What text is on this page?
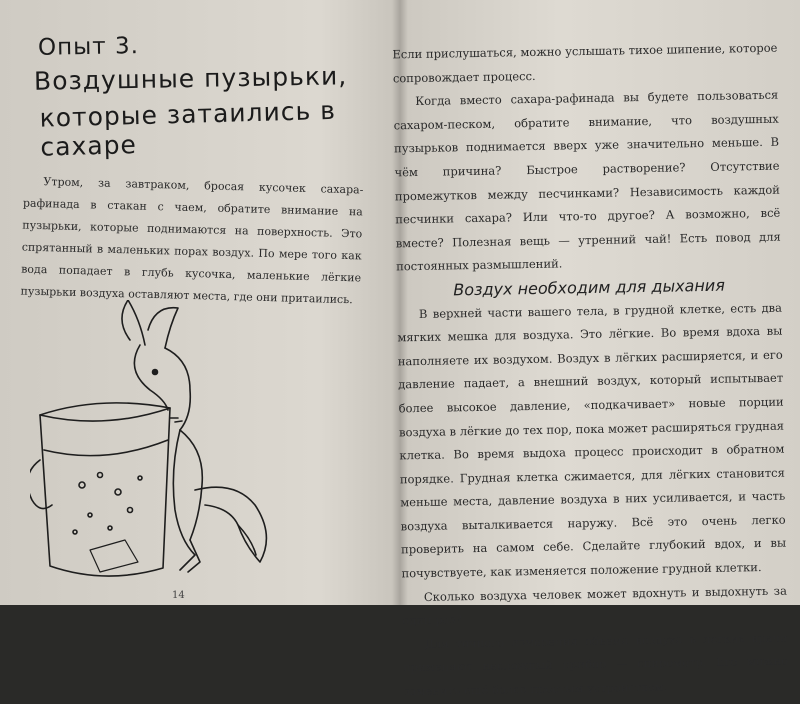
Опыт 3.
Воздушные пузырьки,
которые затаились в сахаре

Утром, за завтраком, бросая кусочек сахара-рафинада в стакан с чаем, обратите внимание на пузырьки, которые поднимаются на поверхность. Это спрятанный в маленьких порах воздух. По мере того как вода попадает в глубь кусочка, маленькие лёгкие пузырьки воздуха оставляют места, где они притаились.

14

Если прислушаться, можно услышать тихое шипение, которое сопровождает процесс.

Когда вместо сахара-рафинада вы будете пользоваться сахаром-песком, обратите внимание, что воздушных пузырьков поднимается вверх уже значительно меньше. В чём причина? Быстрое растворение? Отсутствие промежутков между песчинками? Независимость каждой песчинки сахара? Или что-то другое? А возможно, всё вместе? Полезная вещь — утренний чай! Есть повод для постоянных размышлений.

Воздух необходим для дыхания

В верхней части вашего тела, в грудной клетке, есть два мягких мешка для воздуха. Это лёгкие. Во время вдоха вы наполняете их воздухом. Воздух в лёгких расширяется, и его давление падает, а внешний воздух, который испытывает более высокое давление, «подкачивает» новые порции воздуха в лёгкие до тех пор, пока может расширяться грудная клетка. Во время выдоха процесс происходит в обратном порядке. Грудная клетка сжимается, для лёгких становится меньше места, давление воздуха в них усиливается, и часть воздуха выталкивается наружу. Всё это очень легко проверить на самом себе. Сделайте глубокий вдох, и вы почувствуете, как изменяется положение грудной клетки.

Сколько воздуха человек может вдохнуть и выдохнуть за один раз?

Для точного измерения объёма воздуха в лёгких врачи применяют несложный прибор — спирометр. Его можно заменить ещё более простым устройством.
